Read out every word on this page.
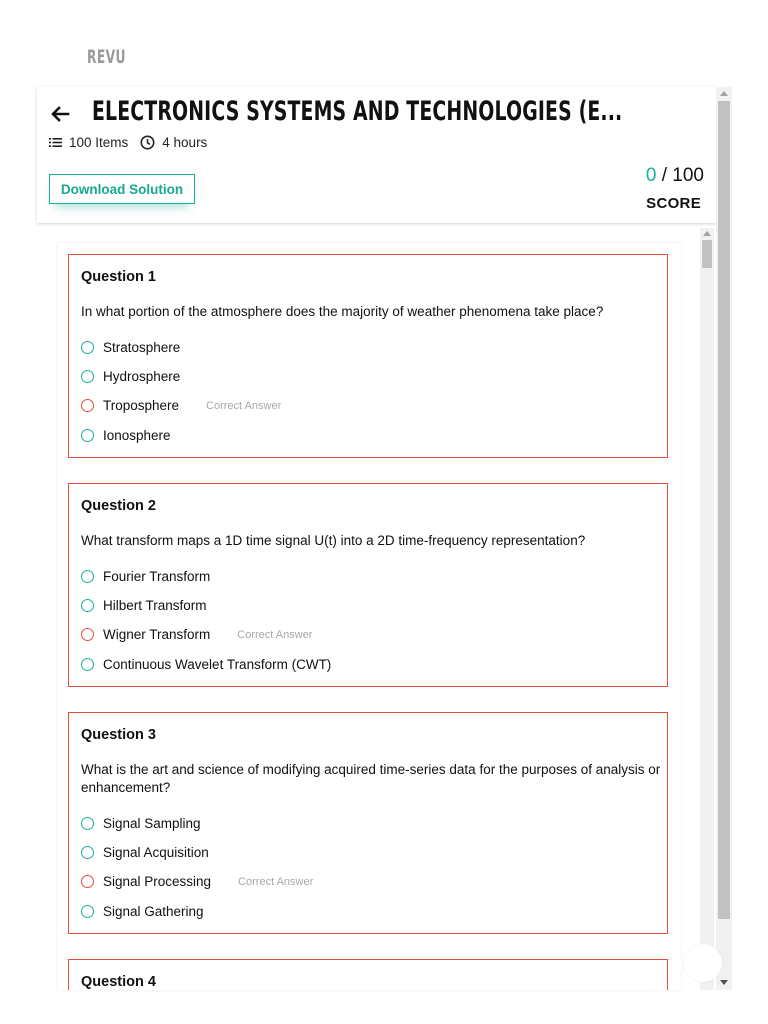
REVU
ELECTRONICS SYSTEMS AND TECHNOLOGIES (E...
100 Items	4 hours
Download Solution
0 / 100
SCORE
Question 1
In what portion of the atmosphere does the majority of weather phenomena take place?
Stratosphere
Hydrosphere
Troposphere Correct Answer
Ionosphere
Question 2
What transform maps a 1D time signal U(t) into a 2D time-frequency representation?
Fourier Transform
Hilbert Transform
Wigner Transform Correct Answer
Continuous Wavelet Transform (CWT)
Question 3
What is the art and science of modifying acquired time-series data for the purposes of analysis or enhancement?
Signal Sampling
Signal Acquisition
Signal Processing Correct Answer
Signal Gathering
Question 4
